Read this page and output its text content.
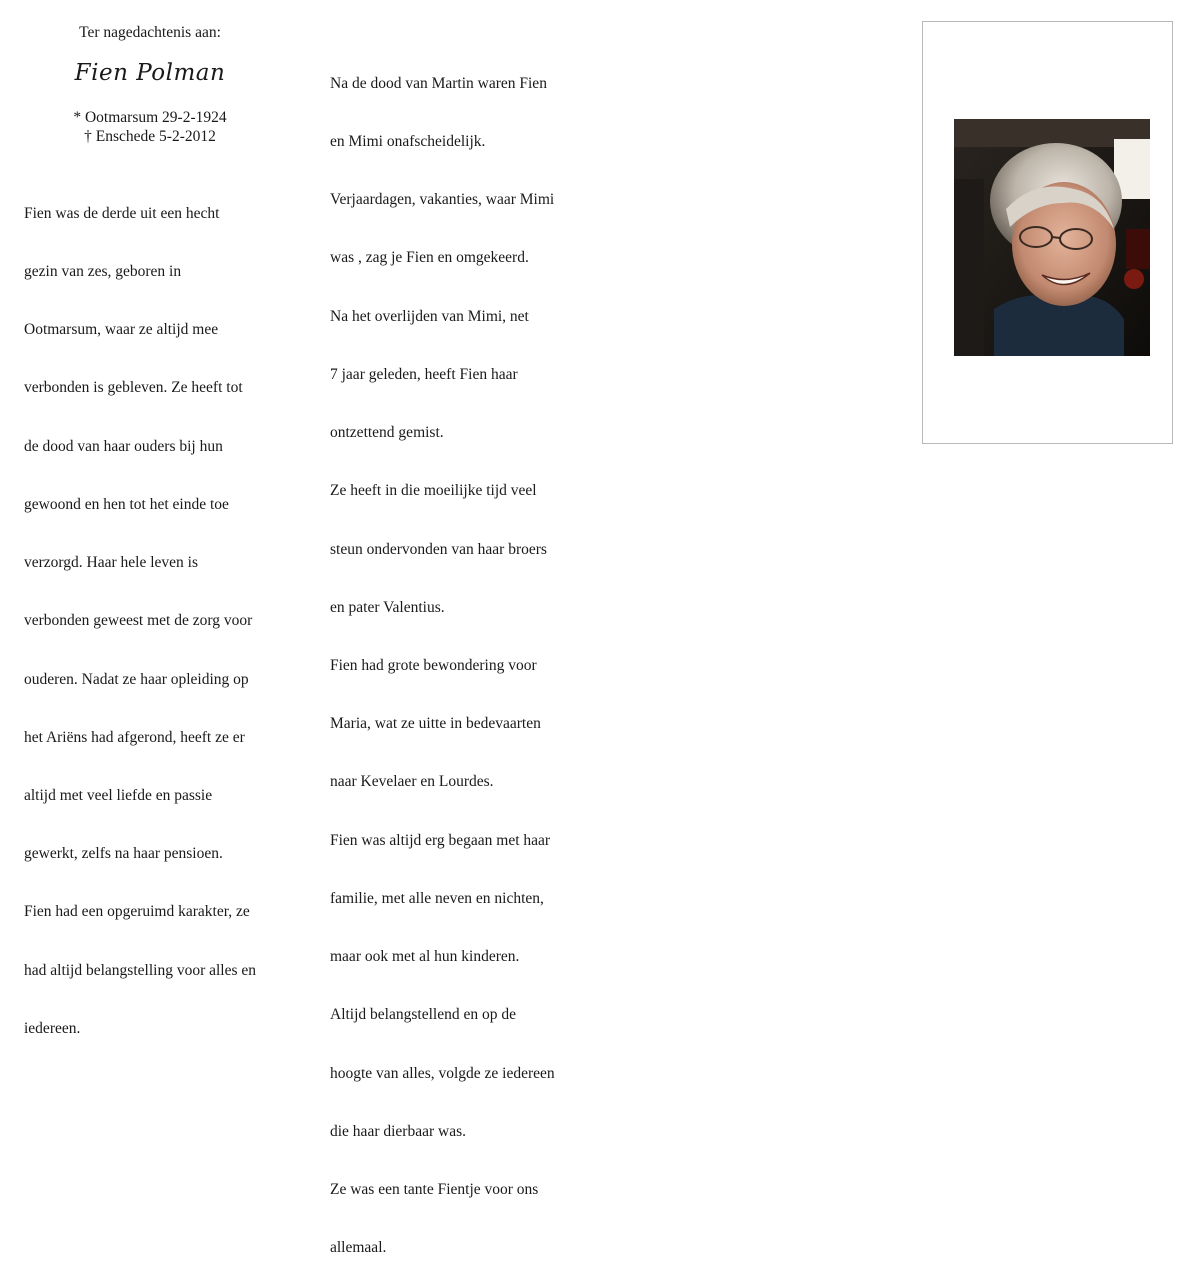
Ter nagedachtenis aan:
Fien Polman
* Ootmarsum 29-2-1924
† Enschede 5-2-2012

Fien was de derde uit een hecht

gezin van zes, geboren in

Ootmarsum, waar ze altijd mee

verbonden is gebleven. Ze heeft tot

de dood van haar ouders bij hun

gewoond en hen tot het einde toe

verzorgd. Haar hele leven is

verbonden geweest met de zorg voor

ouderen. Nadat ze haar opleiding op

het Ariëns had afgerond, heeft ze er

altijd met veel liefde en passie

gewerkt, zelfs na haar pensioen.

Fien had een opgeruimd karakter, ze

had altijd belangstelling voor alles en

iedereen.

Na de dood van Martin waren Fien

en Mimi onafscheidelijk.

Verjaardagen, vakanties, waar Mimi

was , zag je Fien en omgekeerd.

Na het overlijden van Mimi, net

7 jaar geleden, heeft Fien haar

ontzettend gemist.

Ze heeft in die moeilijke tijd veel

steun ondervonden van haar broers

en pater Valentius.

Fien had grote bewondering voor

Maria, wat ze uitte in bedevaarten

naar Kevelaer en Lourdes.

Fien was altijd erg begaan met haar

familie, met alle neven en nichten,

maar ook met al hun kinderen.

Altijd belangstellend en op de

hoogte van alles, volgde ze iedereen

die haar dierbaar was.

Ze was een tante Fientje voor ons

allemaal.
